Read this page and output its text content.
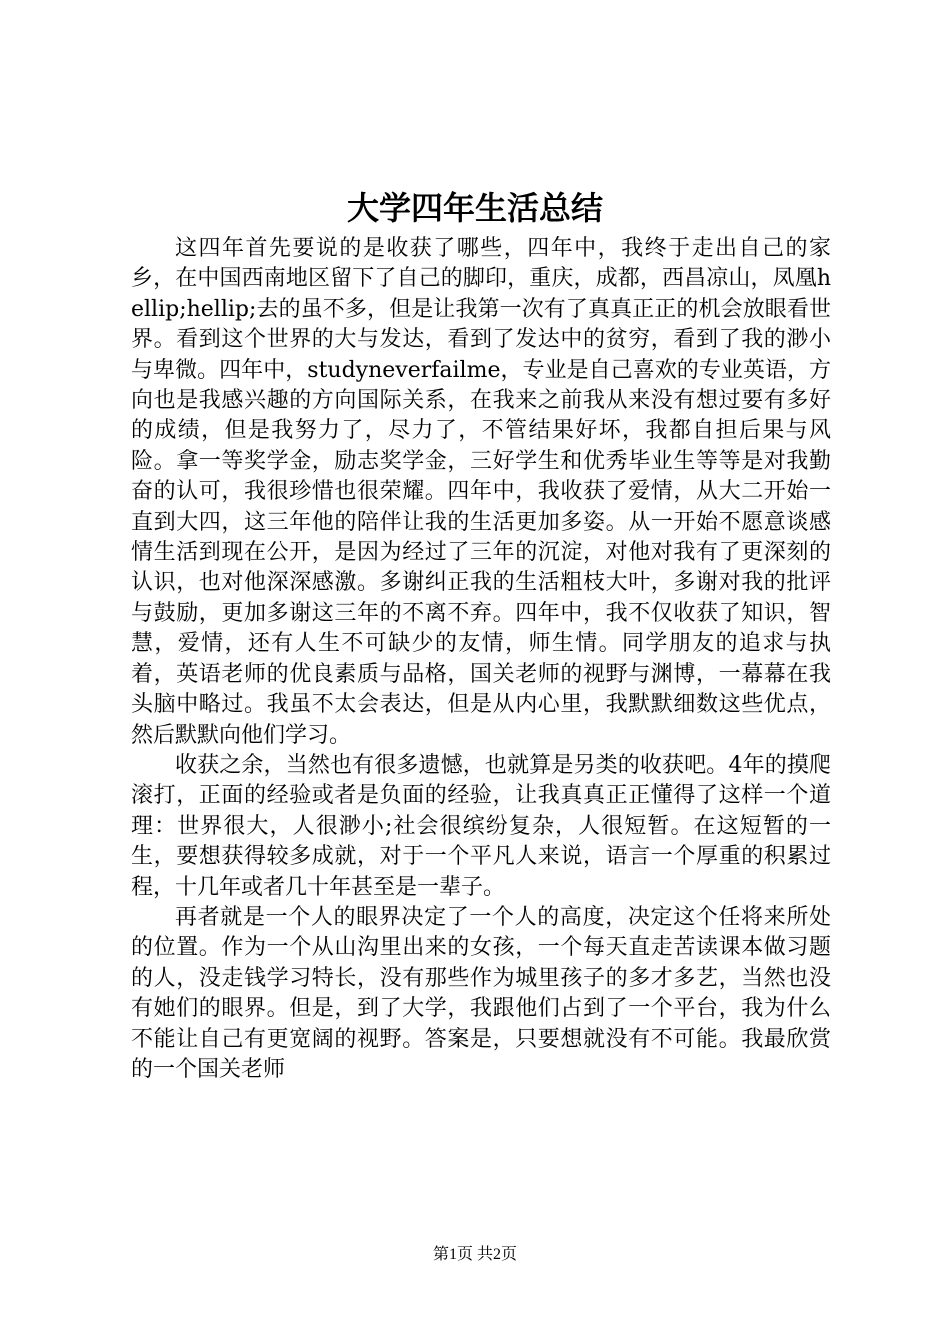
大学四年生活总结

这四年首先要说的是收获了哪些，四年中，我终于走出自己的家乡，在中国西南地区留下了自己的脚印，重庆，成都，西昌凉山，凤凰hellip;hellip;去的虽不多，但是让我第一次有了真真正正的机会放眼看世界。看到这个世界的大与发达，看到了发达中的贫穷，看到了我的渺小与卑微。四年中，studyneverfailme，专业是自己喜欢的专业英语，方向也是我感兴趣的方向国际关系，在我来之前我从来没有想过要有多好的成绩，但是我努力了，尽力了，不管结果好坏，我都自担后果与风险。拿一等奖学金，励志奖学金，三好学生和优秀毕业生等等是对我勤奋的认可，我很珍惜也很荣耀。四年中，我收获了爱情，从大二开始一直到大四，这三年他的陪伴让我的生活更加多姿。从一开始不愿意谈感情生活到现在公开，是因为经过了三年的沉淀，对他对我有了更深刻的认识，也对他深深感激。多谢纠正我的生活粗枝大叶，多谢对我的批评与鼓励，更加多谢这三年的不离不弃。四年中，我不仅收获了知识，智慧，爱情，还有人生不可缺少的友情，师生情。同学朋友的追求与执着，英语老师的优良素质与品格，国关老师的视野与渊博，一幕幕在我头脑中略过。我虽不太会表达，但是从内心里，我默默细数这些优点，然后默默向他们学习。

收获之余，当然也有很多遗憾，也就算是另类的收获吧。4年的摸爬滚打，正面的经验或者是负面的经验，让我真真正正懂得了这样一个道理：世界很大，人很渺小;社会很缤纷复杂，人很短暂。在这短暂的一生，要想获得较多成就，对于一个平凡人来说，语言一个厚重的积累过程，十几年或者几十年甚至是一辈子。

再者就是一个人的眼界决定了一个人的高度，决定这个任将来所处的位置。作为一个从山沟里出来的女孩，一个每天直走苦读课本做习题的人，没走钱学习特长，没有那些作为城里孩子的多才多艺，当然也没有她们的眼界。但是，到了大学，我跟他们占到了一个平台，我为什么不能让自己有更宽阔的视野。答案是，只要想就没有不可能。我最欣赏的一个国关老师

第1页 共2页
